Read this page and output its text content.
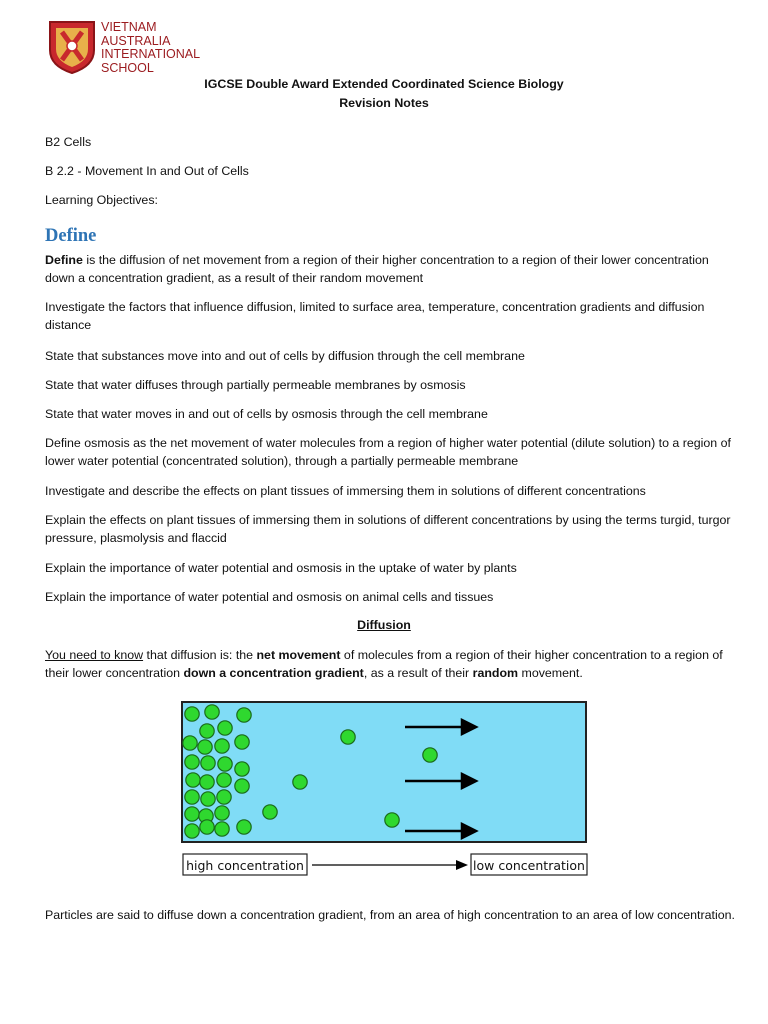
VIETNAM
AUSTRALIA
INTERNATIONAL
SCHOOL
IGCSE Double Award Extended Coordinated Science Biology
Revision Notes
B2 Cells
B 2.2 - Movement In and Out of Cells
Learning Objectives:
Define
Define is the diffusion of net movement from a region of their higher concentration to a region of their lower concentration down a concentration gradient, as a result of their random movement
Investigate the factors that influence diffusion, limited to surface area, temperature, concentration gradients and diffusion distance
State that substances move into and out of cells by diffusion through the cell membrane
State that water diffuses through partially permeable membranes by osmosis
State that water moves in and out of cells by osmosis through the cell membrane
Define osmosis as the net movement of water molecules from a region of higher water potential (dilute solution) to a region of lower water potential (concentrated solution), through a partially permeable membrane
Investigate and describe the effects on plant tissues of immersing them in solutions of different concentrations
Explain the effects on plant tissues of immersing them in solutions of different concentrations by using the terms turgid, turgor pressure, plasmolysis and flaccid
Explain the importance of water potential and osmosis in the uptake of water by plants
Explain the importance of water potential and osmosis on animal cells and tissues
Diffusion
You need to know that diffusion is: the net movement of molecules from a region of their higher concentration to a region of their lower concentration down a concentration gradient, as a result of their random movement.
high concentration	low concentration
Particles are said to diffuse down a concentration gradient, from an area of high concentration to an area of low concentration.
